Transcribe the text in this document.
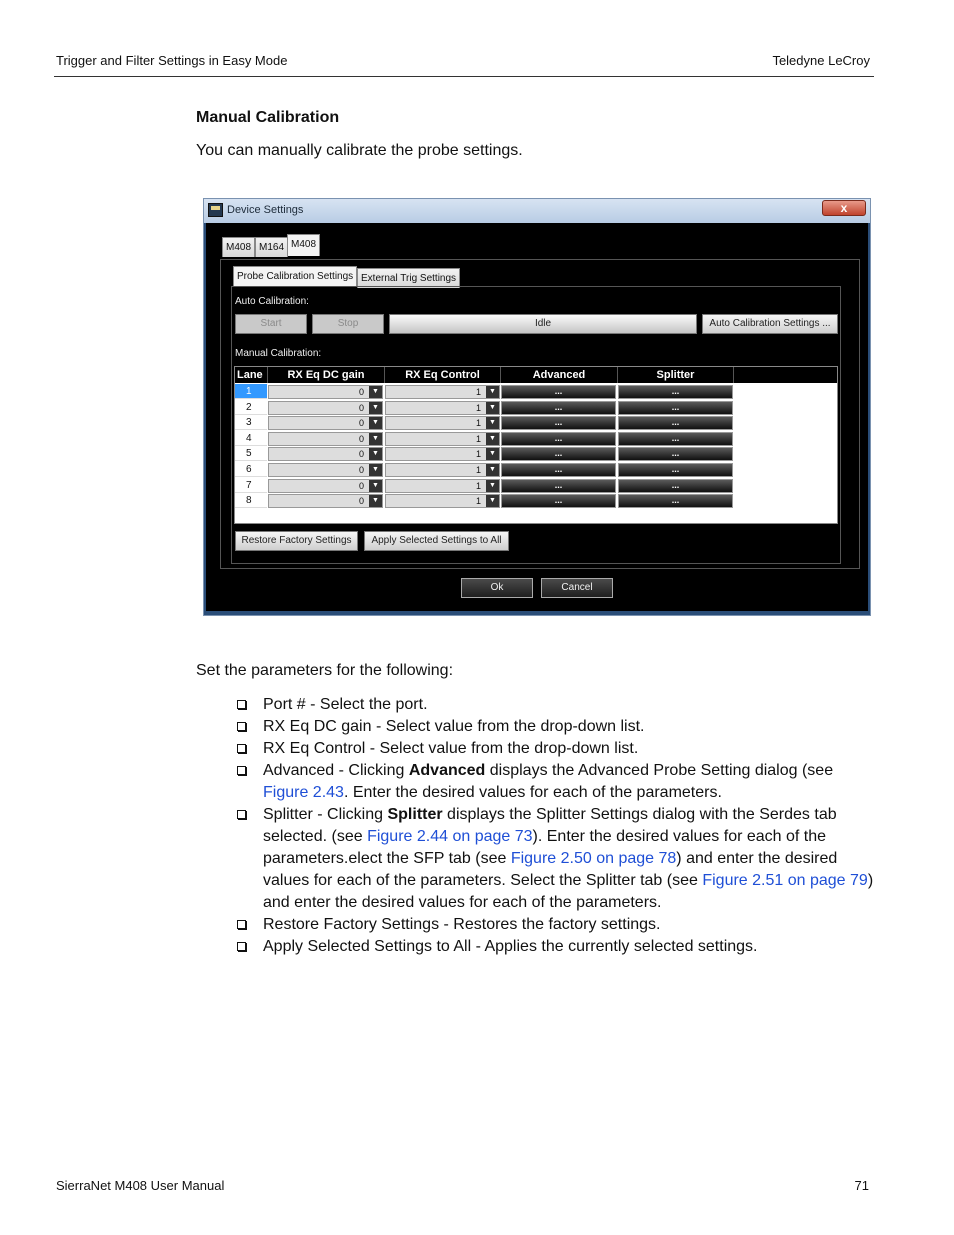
Trigger and Filter Settings in Easy Mode	Teledyne LeCroy
Manual Calibration
You can manually calibrate the probe settings.
Device Settings	x
M408 M164 M408
Probe Calibration Settings External Trig Settings
Auto Calibration:
Start	Stop	Idle	Auto Calibration Settings ...
Manual Calibration:
Lane	RX Eq DC gain	RX Eq Control	Advanced	Splitter
1	0	▼	1	▼	...	...
2	0	▼	1	▼	...	...
3	0	▼	1	▼	...	...
4	0	▼	1	▼	...	...
5	0	▼	1	▼	...	...
6	0	▼	1	▼	...	...
7	0	▼	1	▼	...	...
8	0	▼	1	▼	...	...
Restore Factory Settings	Apply Selected Settings to All
Ok	Cancel
Set the parameters for the following:
Port # - Select the port.
RX Eq DC gain - Select value from the drop-down list.
RX Eq Control - Select value from the drop-down list.
Advanced - Clicking Advanced displays the Advanced Probe Setting dialog (see Figure 2.43. Enter the desired values for each of the parameters.
Splitter - Clicking Splitter displays the Splitter Settings dialog with the Serdes tab selected. (see Figure 2.44 on page 73). Enter the desired values for each of the parameters.elect the SFP tab (see Figure 2.50 on page 78) and enter the desired values for each of the parameters. Select the Splitter tab (see Figure 2.51 on page 79) and enter the desired values for each of the parameters.
Restore Factory Settings - Restores the factory settings.
Apply Selected Settings to All - Applies the currently selected settings.
SierraNet M408 User Manual	71
